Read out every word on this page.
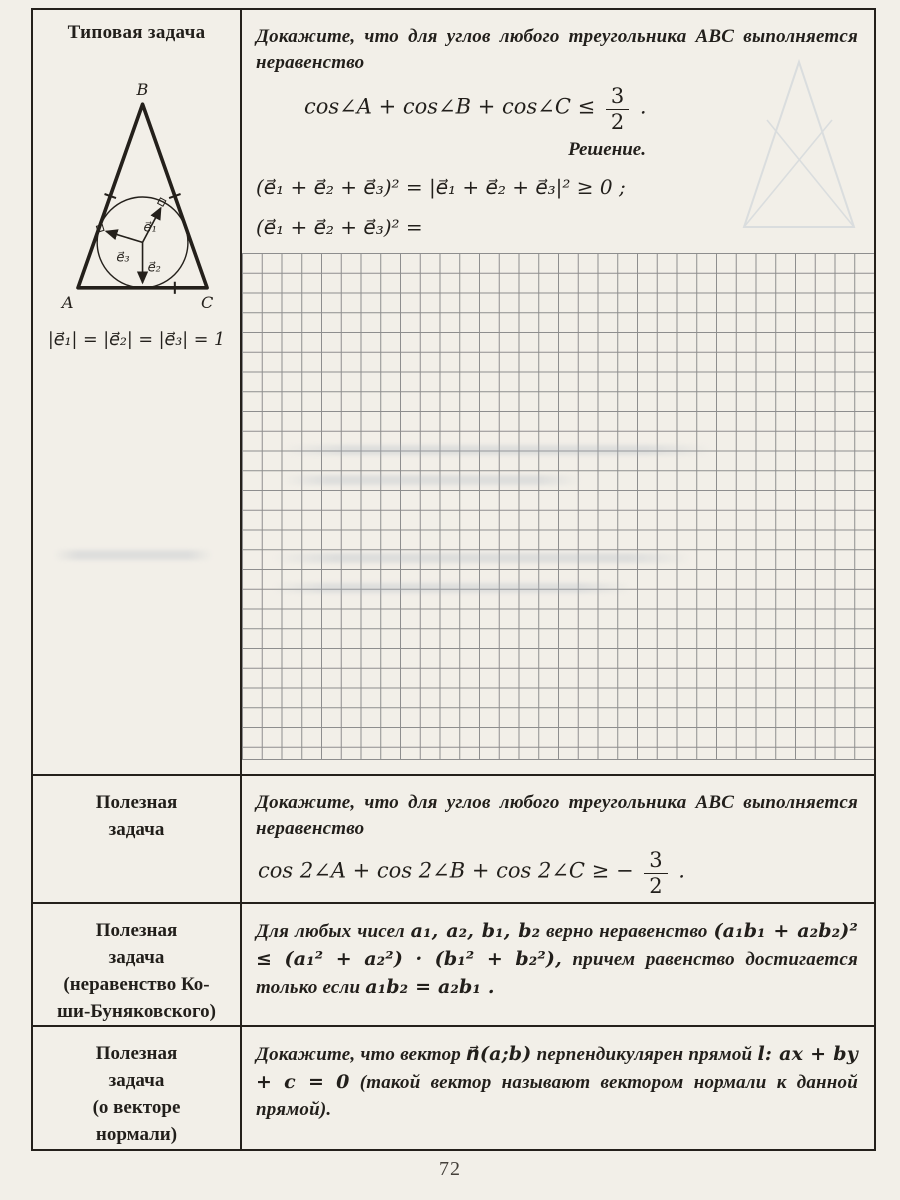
Типовая задача
B
A	C
e⃗₁
e⃗₃
e⃗₂
|e⃗₁| = |e⃗₂| = |e⃗₃| = 1

Докажите, что для углов любого треугольника ABC выполняется неравенство

cos∠A + cos∠B + cos∠C ≤ $\frac{3}{2}$ .
Решение.
(e⃗₁ + e⃗₂ + e⃗₃)² = |e⃗₁ + e⃗₂ + e⃗₃|² ≥ 0 ;
(e⃗₁ + e⃗₂ + e⃗₃)² =
Полезная
задача

Докажите, что для углов любого треугольника ABC выполняется неравенство

cos 2∠A + cos 2∠B + cos 2∠C ≥ − $\frac{3}{2}$ .
Полезная
задача
(неравенство Ко-
ши-Буняковского)

Для любых чисел a₁, a₂, b₁, b₂ верно неравенство (a₁b₁ + a₂b₂)² ≤ (a₁² + a₂²) · (b₁² + b₂²), причем равенство достигается только если a₁b₂ = a₂b₁ .

Полезная
задача
(о векторе
нормали)

Докажите, что вектор n⃗(a;b) перпендикулярен прямой l: ax + by + c = 0 (такой вектор называют вектором нормали к данной прямой).

72
